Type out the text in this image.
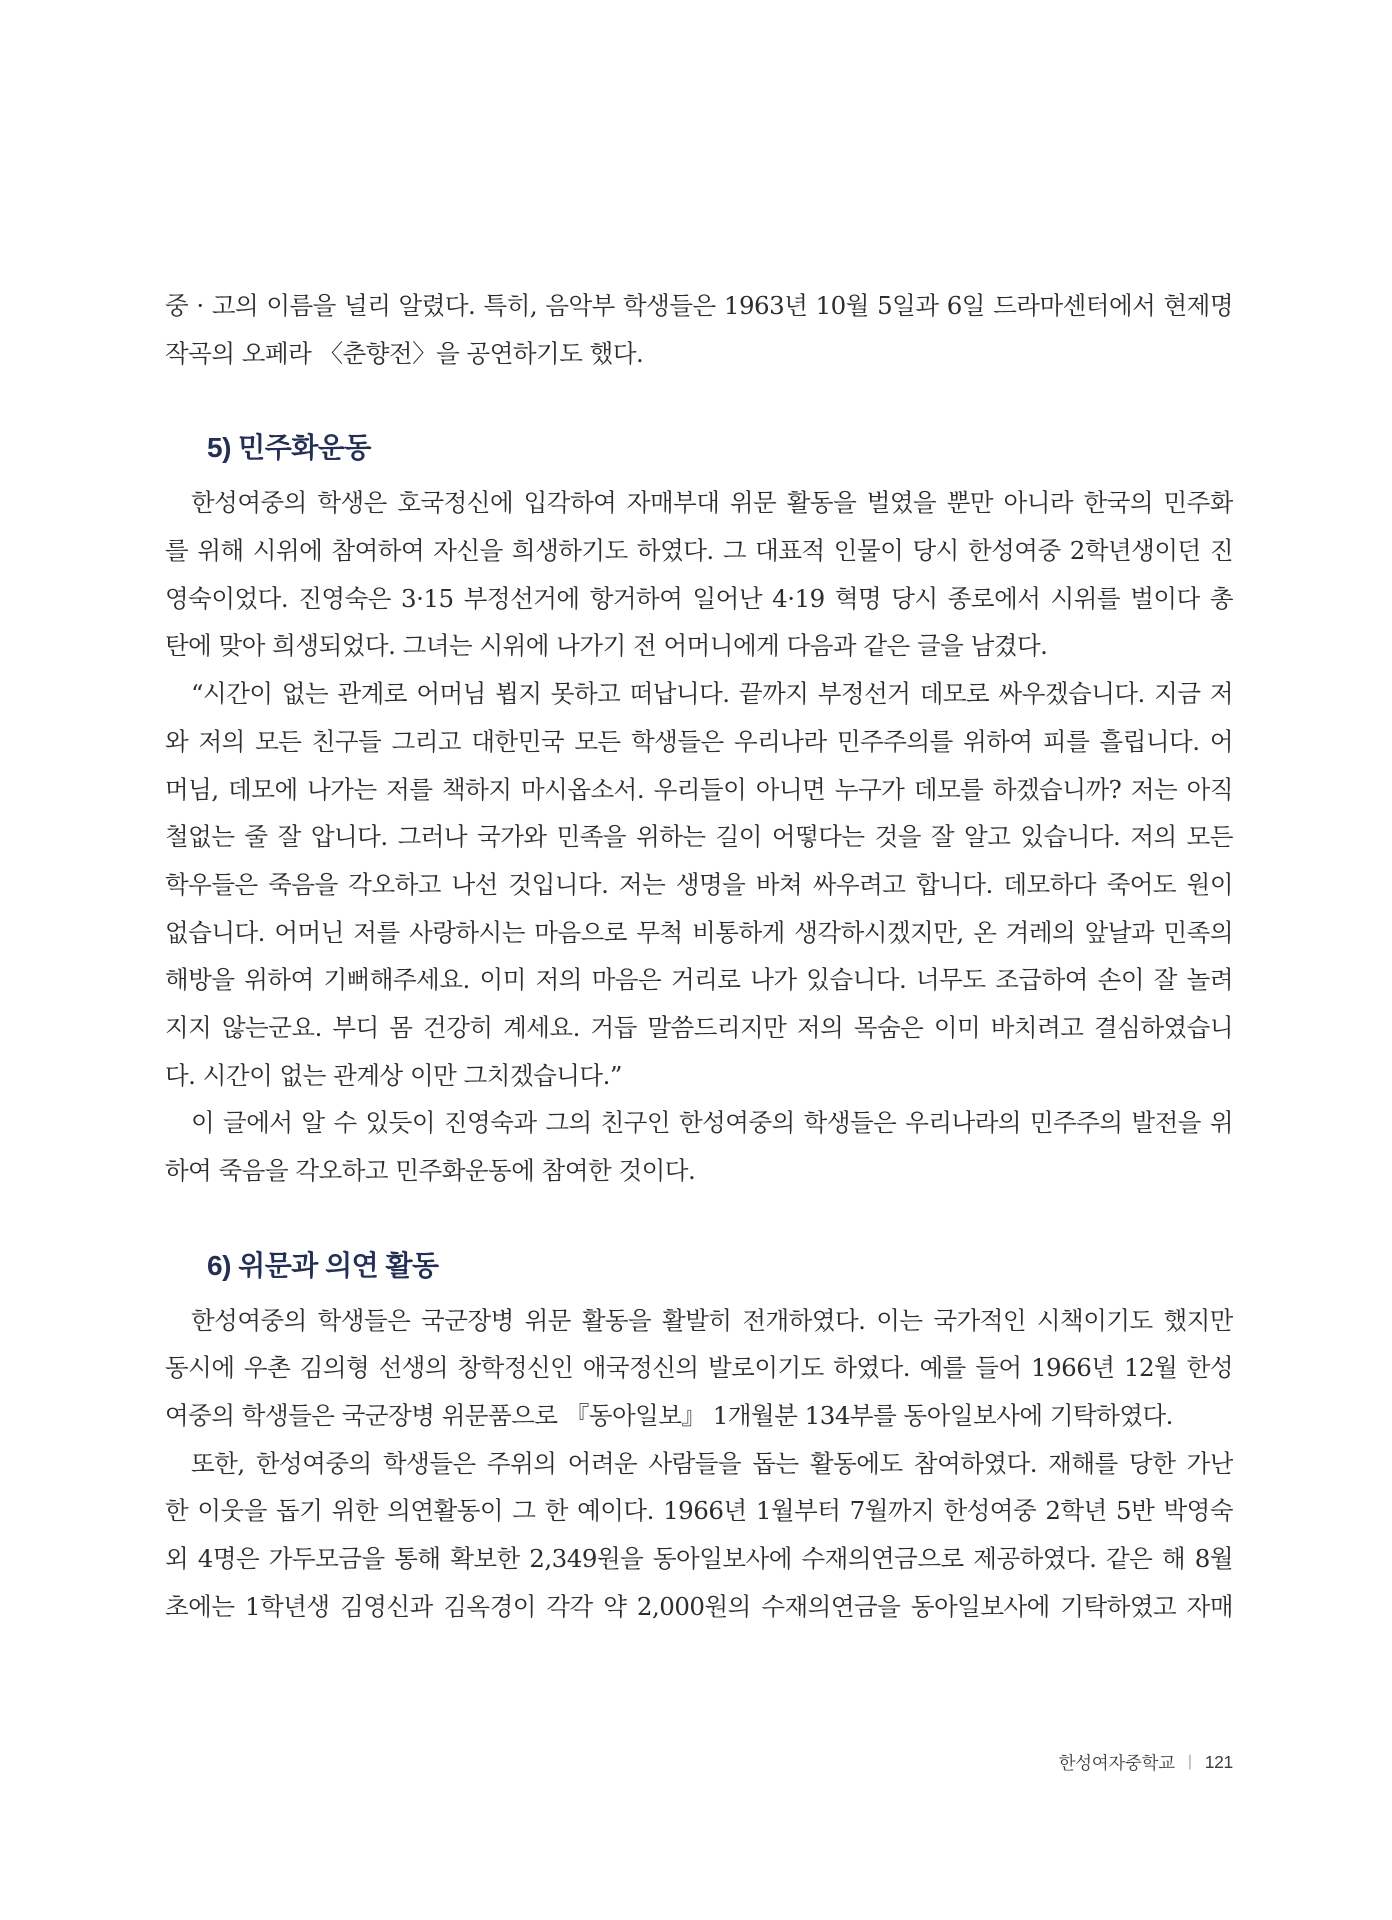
중 · 고의 이름을 널리 알렸다. 특히, 음악부 학생들은 1963년 10월 5일과 6일 드라마센터에서 현제명
작곡의 오페라 〈춘향전〉을 공연하기도 했다.

5) 민주화운동

한성여중의 학생은 호국정신에 입각하여 자매부대 위문 활동을 벌였을 뿐만 아니라 한국의 민주화
를 위해 시위에 참여하여 자신을 희생하기도 하였다. 그 대표적 인물이 당시 한성여중 2학년생이던 진
영숙이었다. 진영숙은 3·15 부정선거에 항거하여 일어난 4·19 혁명 당시 종로에서 시위를 벌이다 총
탄에 맞아 희생되었다. 그녀는 시위에 나가기 전 어머니에게 다음과 같은 글을 남겼다.

“시간이 없는 관계로 어머님 뵙지 못하고 떠납니다. 끝까지 부정선거 데모로 싸우겠습니다. 지금 저
와 저의 모든 친구들 그리고 대한민국 모든 학생들은 우리나라 민주주의를 위하여 피를 흘립니다. 어
머님, 데모에 나가는 저를 책하지 마시옵소서. 우리들이 아니면 누구가 데모를 하겠습니까? 저는 아직
철없는 줄 잘 압니다. 그러나 국가와 민족을 위하는 길이 어떻다는 것을 잘 알고 있습니다. 저의 모든
학우들은 죽음을 각오하고 나선 것입니다. 저는 생명을 바쳐 싸우려고 합니다. 데모하다 죽어도 원이
없습니다. 어머닌 저를 사랑하시는 마음으로 무척 비통하게 생각하시겠지만, 온 겨레의 앞날과 민족의
해방을 위하여 기뻐해주세요. 이미 저의 마음은 거리로 나가 있습니다. 너무도 조급하여 손이 잘 놀려
지지 않는군요. 부디 몸 건강히 계세요. 거듭 말씀드리지만 저의 목숨은 이미 바치려고 결심하였습니
다. 시간이 없는 관계상 이만 그치겠습니다.”

이 글에서 알 수 있듯이 진영숙과 그의 친구인 한성여중의 학생들은 우리나라의 민주주의 발전을 위
하여 죽음을 각오하고 민주화운동에 참여한 것이다.

6) 위문과 의연 활동

한성여중의 학생들은 국군장병 위문 활동을 활발히 전개하였다. 이는 국가적인 시책이기도 했지만
동시에 우촌 김의형 선생의 창학정신인 애국정신의 발로이기도 하였다. 예를 들어 1966년 12월 한성
여중의 학생들은 국군장병 위문품으로 『동아일보』 1개월분 134부를 동아일보사에 기탁하였다.

또한, 한성여중의 학생들은 주위의 어려운 사람들을 돕는 활동에도 참여하였다. 재해를 당한 가난
한 이웃을 돕기 위한 의연활동이 그 한 예이다. 1966년 1월부터 7월까지 한성여중 2학년 5반 박영숙
외 4명은 가두모금을 통해 확보한 2,349원을 동아일보사에 수재의연금으로 제공하였다. 같은 해 8월
초에는 1학년생 김영신과 김옥경이 각각 약 2,000원의 수재의연금을 동아일보사에 기탁하였고 자매

한성여자중학교 | 121
